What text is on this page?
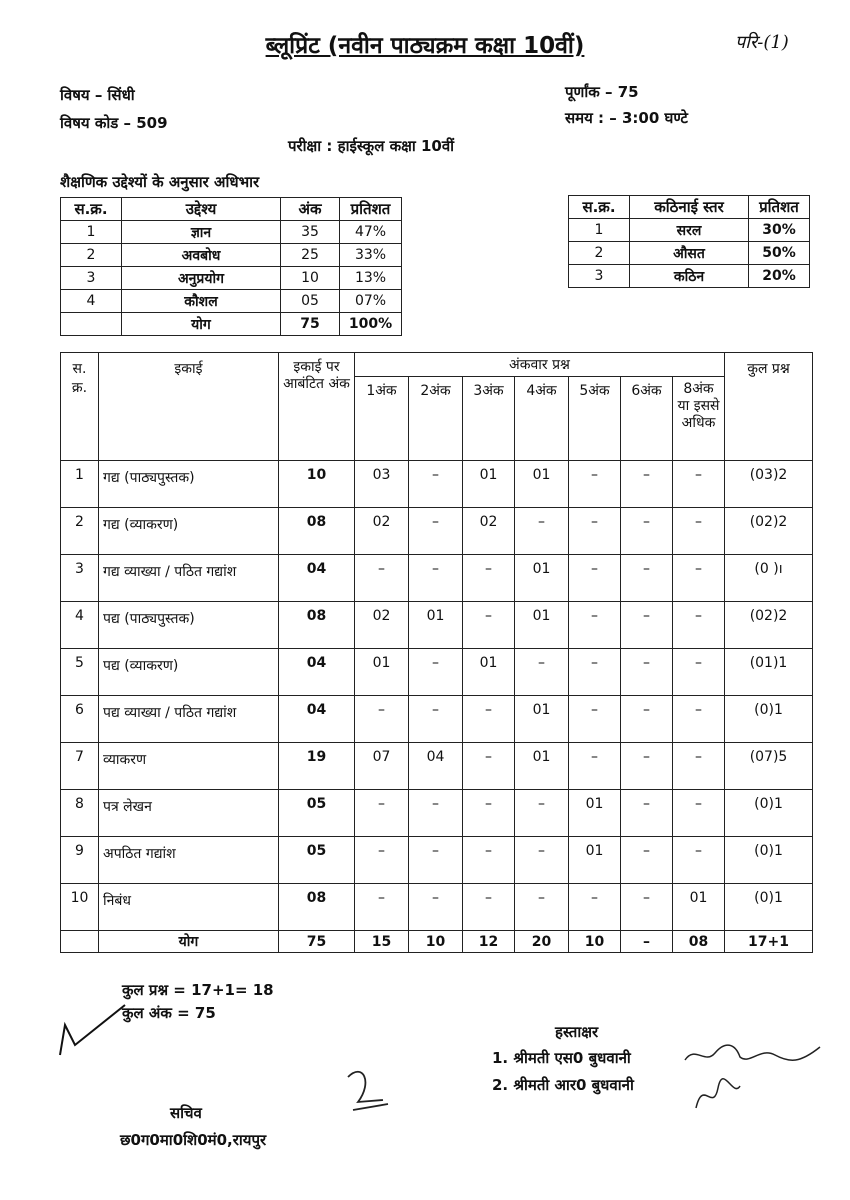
ब्लूप्रिंट (नवीन पाठ्यक्रम कक्षा 10वीं)	परि-(1)
विषय – सिंधी
विषय कोड – 509
पूर्णांक – 75
समय : – 3:00 घण्टे
परीक्षा : हाईस्कूल कक्षा 10वीं
शैक्षणिक उद्देश्यों के अनुसार अधिभार
स.क्र.	उद्देश्य	अंक	प्रतिशत
1	ज्ञान	35	47%
2	अवबोध	25	33%
3	अनुप्रयोग	10	13%
4	कौशल	05	07%
	योग	75	100%
स.क्र.	कठिनाई स्तर	प्रतिशत
1	सरल	30%
2	औसत	50%
3	कठिन	20%
स. क्र.	इकाई	इकाई पर आबंटित अंक	अंकवार प्रश्न							कुल प्रश्न
			1अंक	2अंक	3अंक	4अंक	5अंक	6अंक	8अंक या इससे अधिक	
1	गद्य (पाठ्यपुस्तक)	10	03	–	01	01	–	–	–	(03)2
2	गद्य (व्याकरण)	08	02	–	02	–	–	–	–	(02)2
3	गद्य व्याख्या / पठित गद्यांश	04	–	–	–	01	–	–	–	(0 )ı
4	पद्य (पाठ्यपुस्तक)	08	02	01	–	01	–	–	–	(02)2
5	पद्य (व्याकरण)	04	01	–	01	–	–	–	–	(01)1
6	पद्य व्याख्या / पठित गद्यांश	04	–	–	–	01	–	–	–	(0)1
7	व्याकरण	19	07	04	–	01	–	–	–	(07)5
8	पत्र लेखन	05	–	–	–	–	01	–	–	(0)1
9	अपठित गद्यांश	05	–	–	–	–	01	–	–	(0)1
10	निबंध	08	–	–	–	–	–	–	01	(0)1
	योग	75	15	10	12	20	10	–	08	17+1
कुल प्रश्न = 17+1= 18
कुल अंक = 75
हस्ताक्षर
1. श्रीमती एस0 बुधवानी
2. श्रीमती आर0 बुधवानी
सचिव
छ0ग0मा0शि0मं0,रायपुर
